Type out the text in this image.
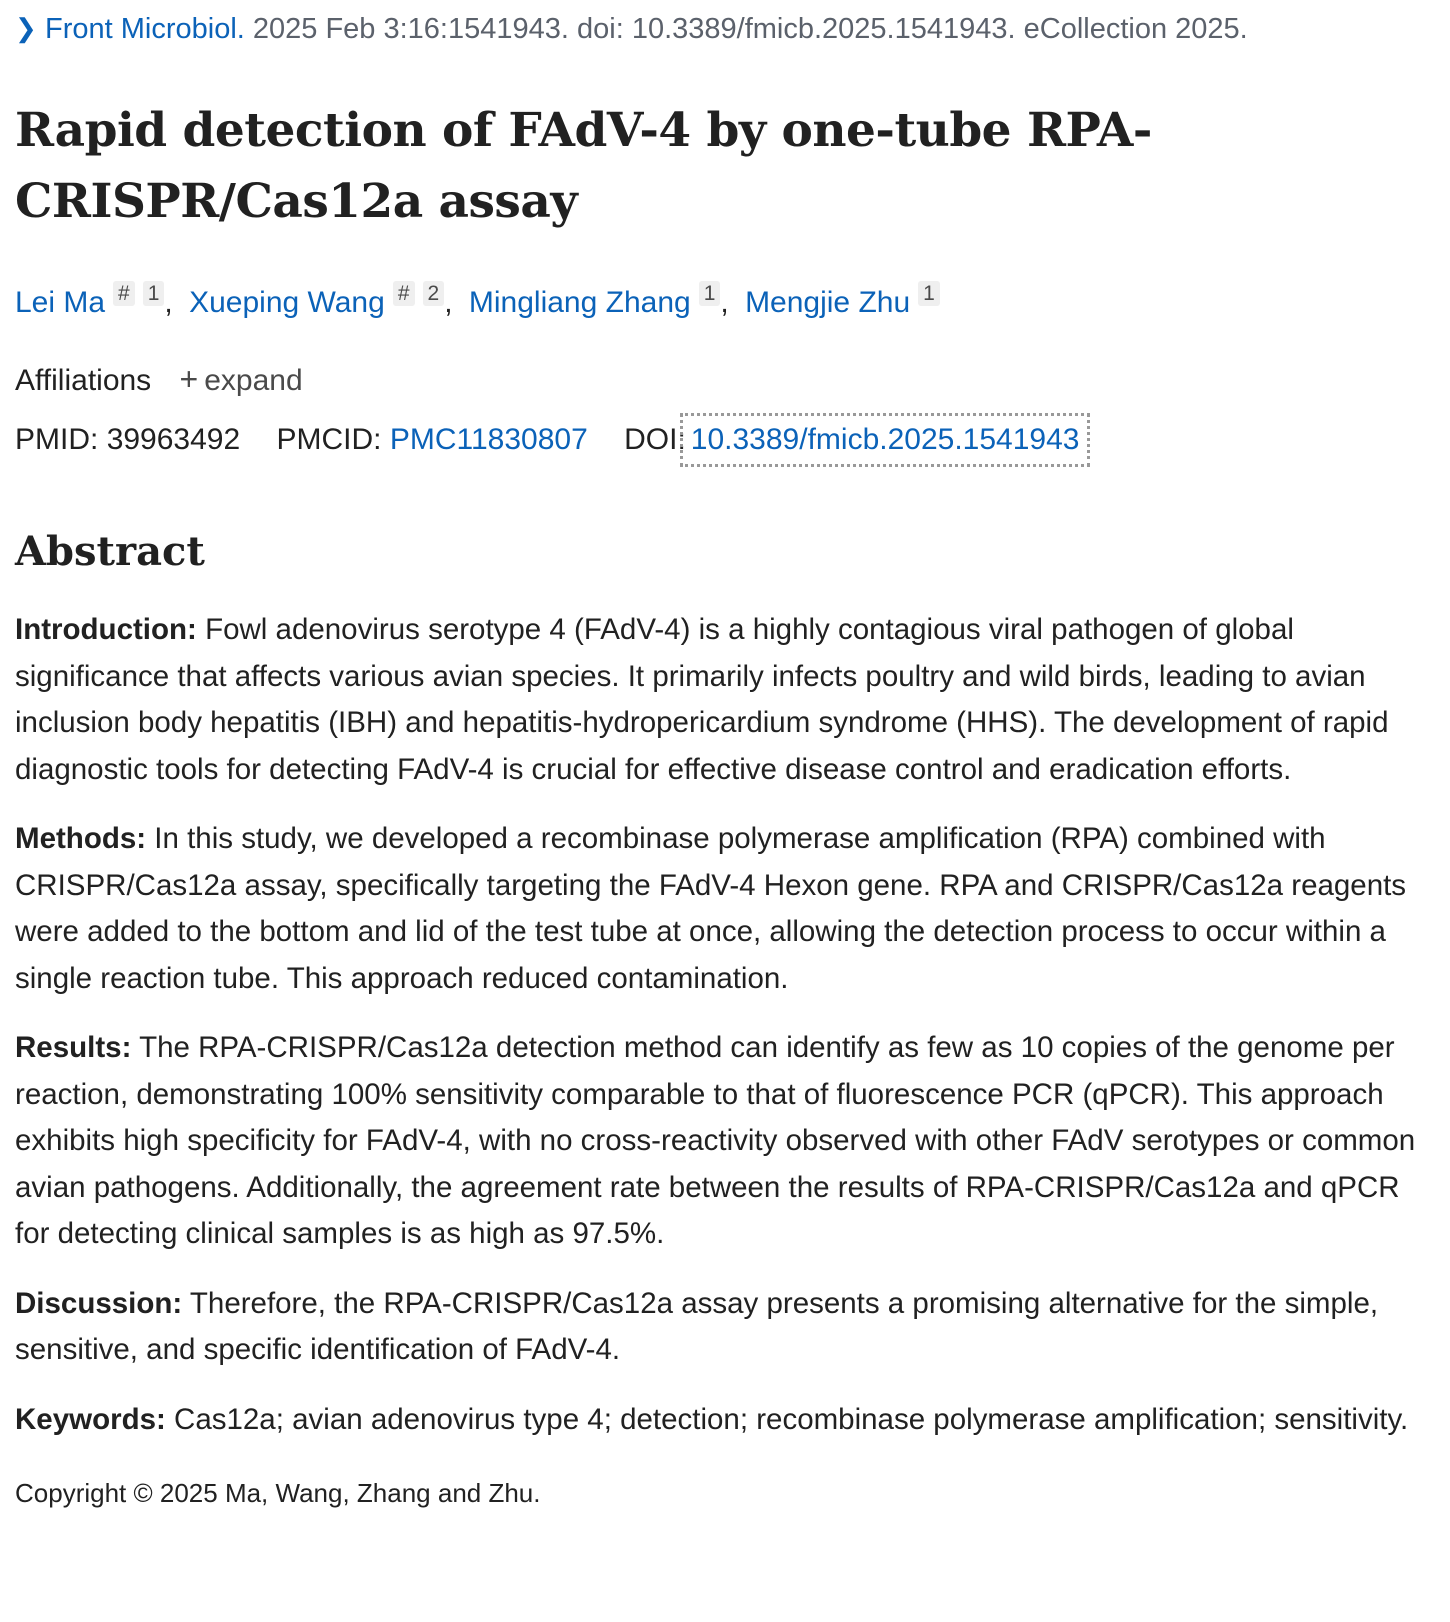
❯ Front Microbiol. 2025 Feb 3:16:1541943. doi: 10.3389/fmicb.2025.1541943. eCollection 2025.
Rapid detection of FAdV-4 by one-tube RPA-CRISPR/Cas12a assay
Lei Ma # 1 , Xueping Wang # 2 , Mingliang Zhang 1 , Mengjie Zhu 1
Affiliations + expand
PMID: 39963492 PMCID: PMC11830807 DOI: 10.3389/fmicb.2025.1541943
Abstract

Introduction: Fowl adenovirus serotype 4 (FAdV-4) is a highly contagious viral pathogen of global significance that affects various avian species. It primarily infects poultry and wild birds, leading to avian inclusion body hepatitis (IBH) and hepatitis-hydropericardium syndrome (HHS). The development of rapid diagnostic tools for detecting FAdV-4 is crucial for effective disease control and eradication efforts.

Methods: In this study, we developed a recombinase polymerase amplification (RPA) combined with CRISPR/Cas12a assay, specifically targeting the FAdV-4 Hexon gene. RPA and CRISPR/Cas12a reagents were added to the bottom and lid of the test tube at once, allowing the detection process to occur within a single reaction tube. This approach reduced contamination.

Results: The RPA-CRISPR/Cas12a detection method can identify as few as 10 copies of the genome per reaction, demonstrating 100% sensitivity comparable to that of fluorescence PCR (qPCR). This approach exhibits high specificity for FAdV-4, with no cross-reactivity observed with other FAdV serotypes or common avian pathogens. Additionally, the agreement rate between the results of RPA-CRISPR/Cas12a and qPCR for detecting clinical samples is as high as 97.5%.

Discussion: Therefore, the RPA-CRISPR/Cas12a assay presents a promising alternative for the simple, sensitive, and specific identification of FAdV-4.

Keywords: Cas12a; avian adenovirus type 4; detection; recombinase polymerase amplification; sensitivity.

Copyright © 2025 Ma, Wang, Zhang and Zhu.
